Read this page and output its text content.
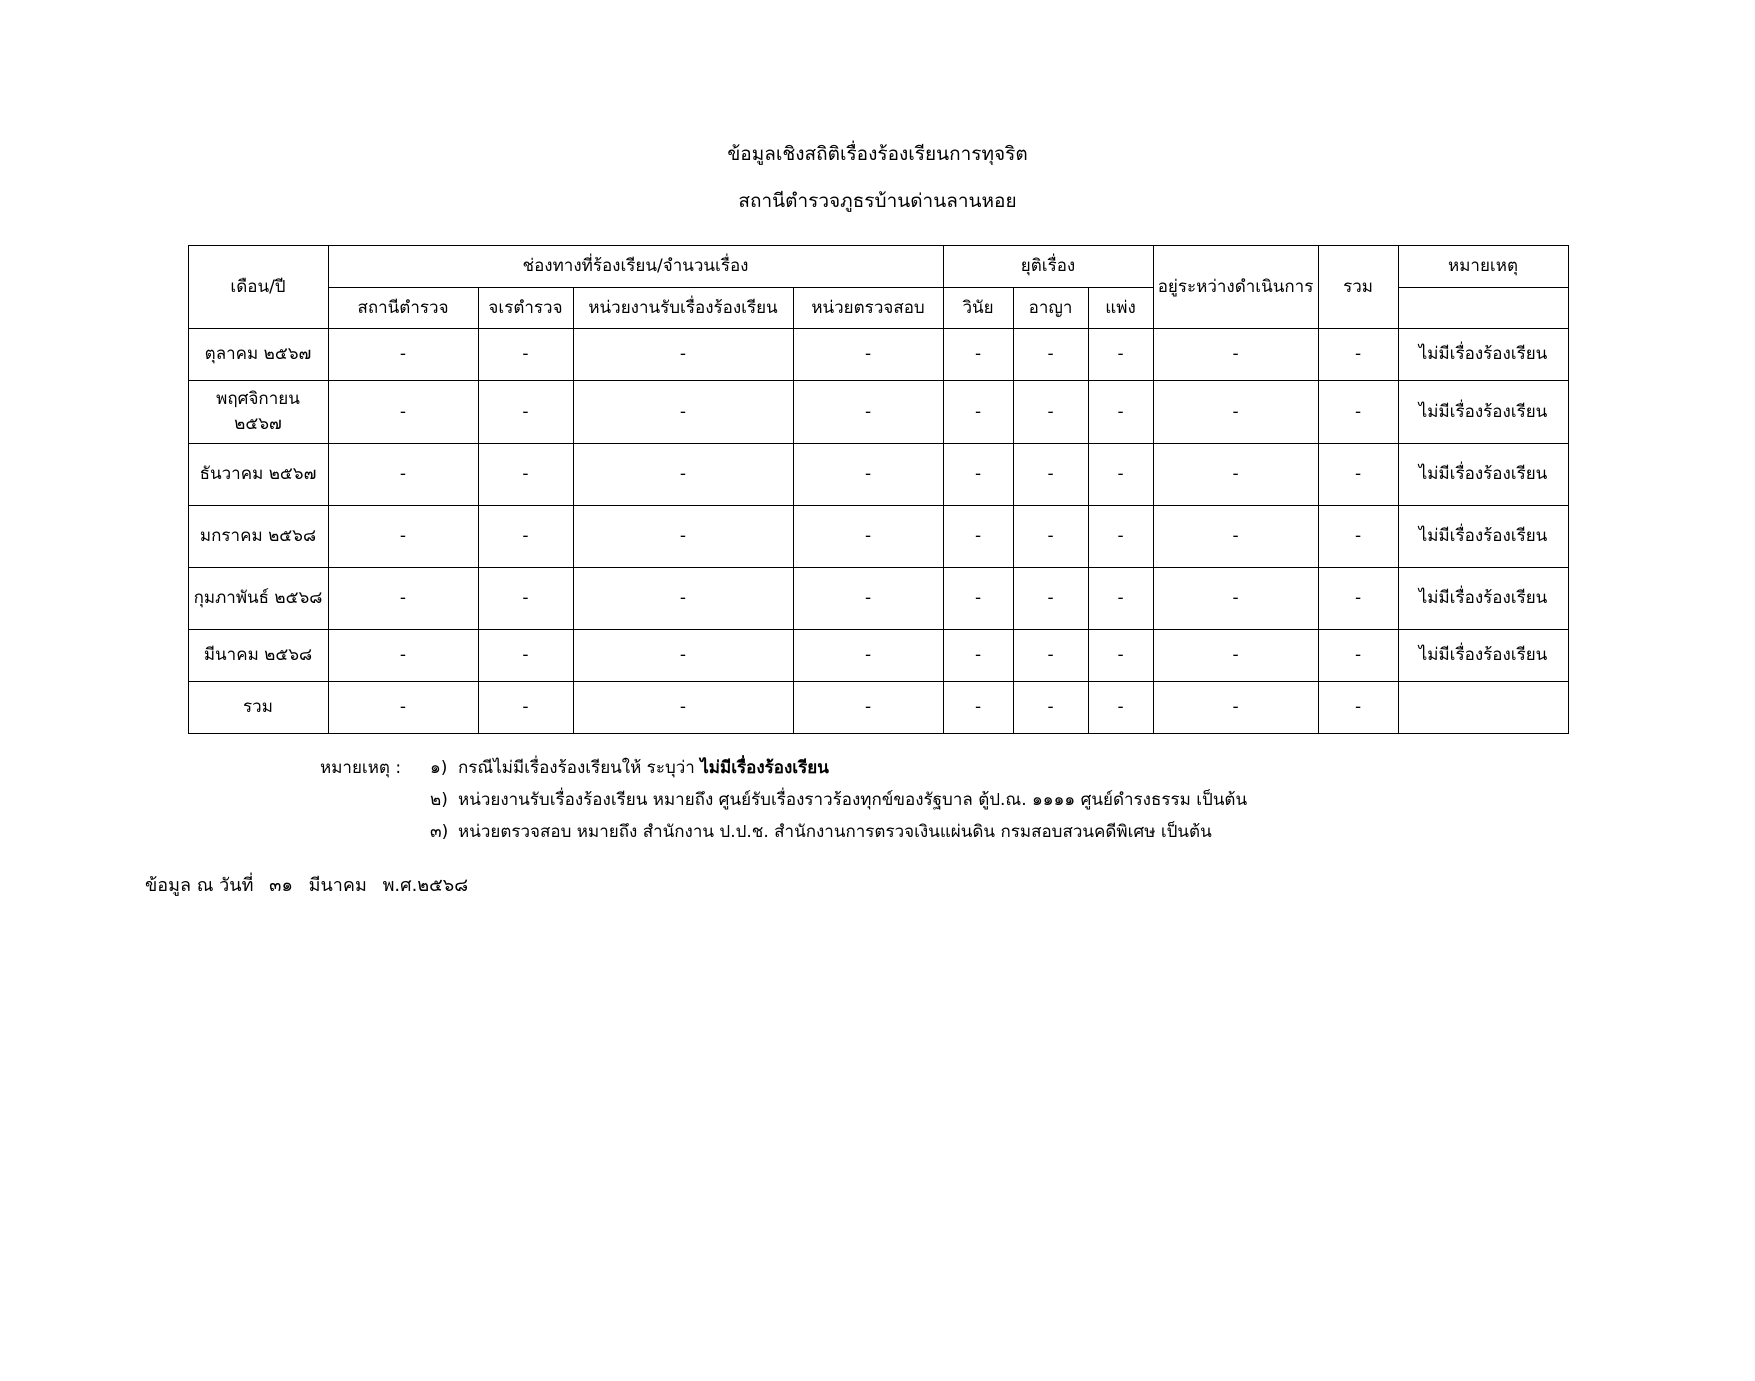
ข้อมูลเชิงสถิติเรื่องร้องเรียนการทุจริต
สถานีตำรวจภูธรบ้านด่านลานหอย
เดือน/ปี	ช่องทางที่ร้องเรียน/จำนวนเรื่อง				ยุติเรื่อง			อยู่ระหว่างดำเนินการ	รวม	หมายเหตุ
	สถานีตำรวจ	จเรตำรวจ	หน่วยงานรับเรื่องร้องเรียน	หน่วยตรวจสอบ	วินัย	อาญา	แพ่ง			
ตุลาคม ๒๕๖๗	-	-	-	-	-	-	-	-	-	ไม่มีเรื่องร้องเรียน
พฤศจิกายน ๒๕๖๗	-	-	-	-	-	-	-	-	-	ไม่มีเรื่องร้องเรียน
ธันวาคม ๒๕๖๗	-	-	-	-	-	-	-	-	-	ไม่มีเรื่องร้องเรียน
มกราคม ๒๕๖๘	-	-	-	-	-	-	-	-	-	ไม่มีเรื่องร้องเรียน
กุมภาพันธ์ ๒๕๖๘	-	-	-	-	-	-	-	-	-	ไม่มีเรื่องร้องเรียน
มีนาคม ๒๕๖๘	-	-	-	-	-	-	-	-	-	ไม่มีเรื่องร้องเรียน
รวม	-	-	-	-	-	-	-	-	-	
หมายเหตุ : ๑) กรณีไม่มีเรื่องร้องเรียนให้ ระบุว่า ไม่มีเรื่องร้องเรียน
๒) หน่วยงานรับเรื่องร้องเรียน หมายถึง ศูนย์รับเรื่องราวร้องทุกข์ของรัฐบาล ตู้ป.ณ. ๑๑๑๑ ศูนย์ดำรงธรรม เป็นต้น
๓) หน่วยตรวจสอบ หมายถึง สำนักงาน ป.ป.ช. สำนักงานการตรวจเงินแผ่นดิน กรมสอบสวนคดีพิเศษ เป็นต้น
ข้อมูล ณ วันที่ ๓๑ มีนาคม พ.ศ.๒๕๖๘
